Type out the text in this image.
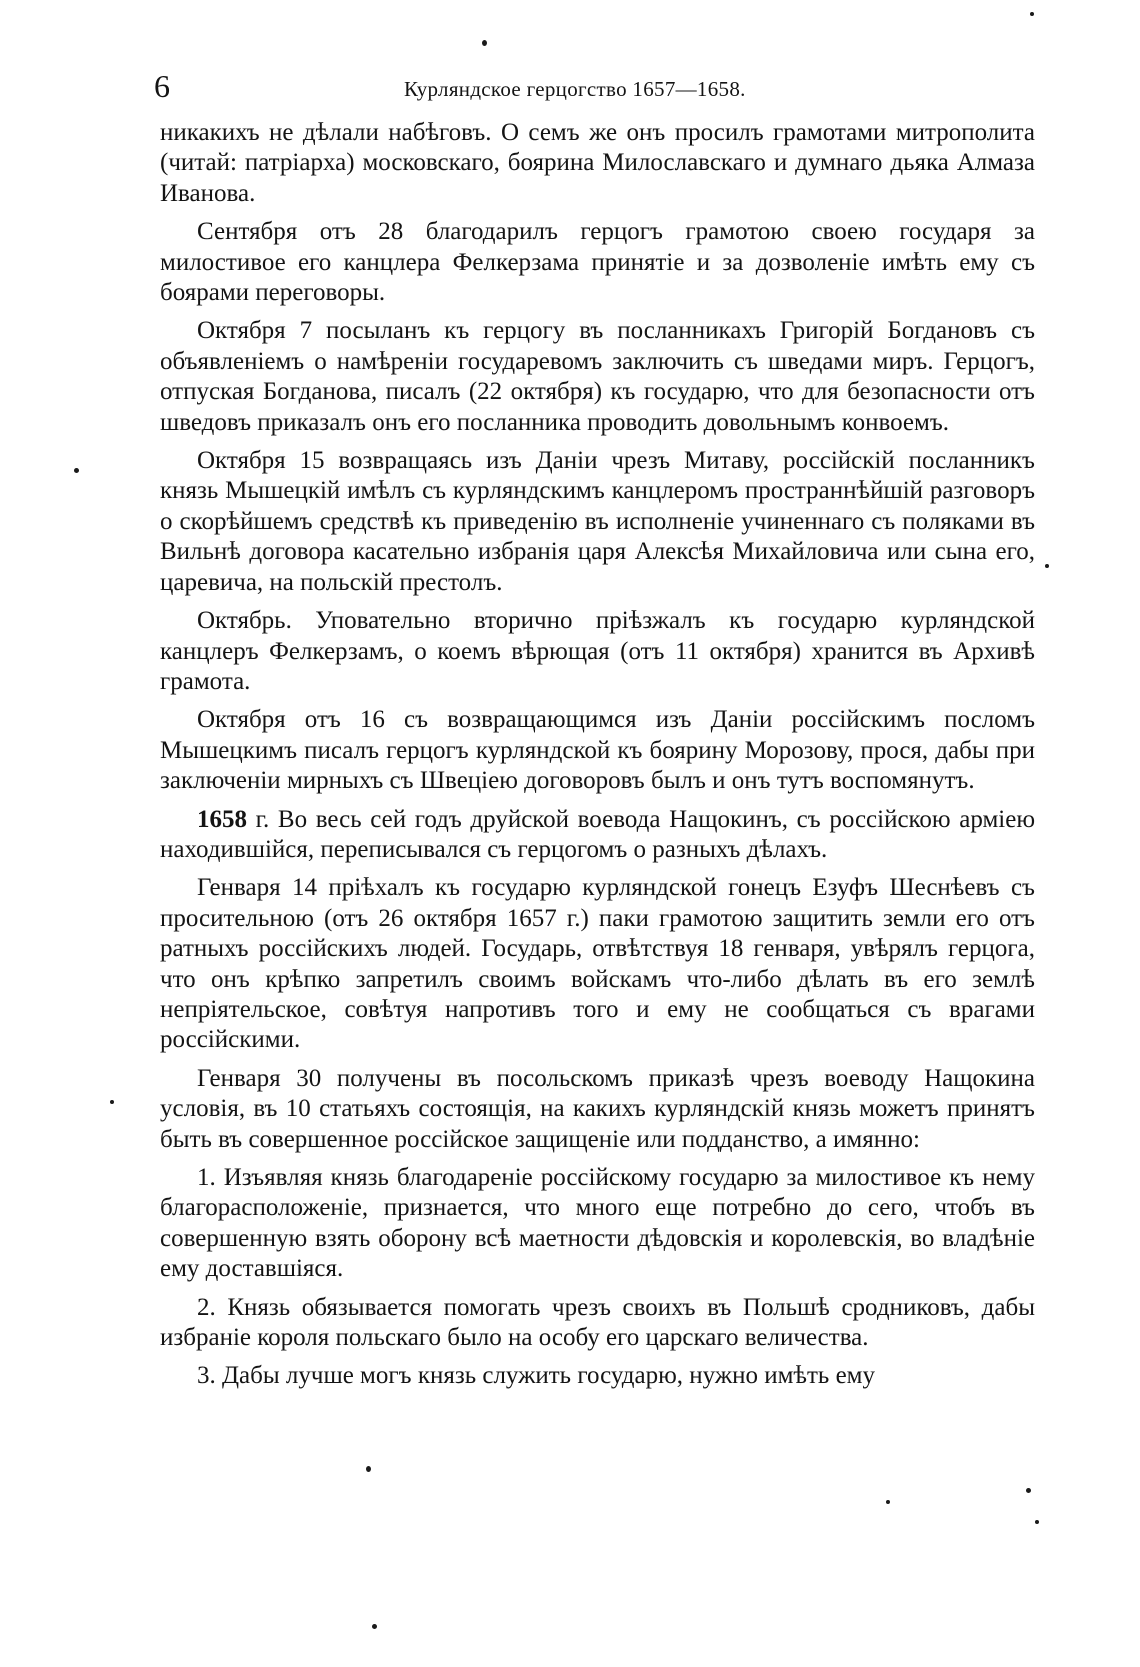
6	Курляндское герцогство 1657—1658.

никакихъ не дѣлали набѣговъ. О семъ же онъ просилъ грамотами митрополита (читай: патріарха) московскаго, боярина Милославскаго и думнаго дьяка Алмаза Иванова.

Сентября отъ 28 благодарилъ герцогъ грамотою своею государя за милостивое его канцлера Фелкерзама принятіе и за дозволеніе имѣть ему съ боярами переговоры.

Октября 7 посыланъ къ герцогу въ посланникахъ Григорій Богдановъ съ объявленіемъ о намѣреніи государевомъ заключить съ шведами миръ. Герцогъ, отпуская Богданова, писалъ (22 октября) къ государю, что для безопасности отъ шведовъ приказалъ онъ его посланника проводить довольнымъ конвоемъ.

Октября 15 возвращаясь изъ Даніи чрезъ Митаву, россійскій посланникъ князь Мышецкій имѣлъ съ курляндскимъ канцлеромъ пространнѣйшій разговоръ о скорѣйшемъ средствѣ къ приведенію въ исполненіе учиненнаго съ поляками въ Вильнѣ договора касательно избранія царя Алексѣя Михайловича или сына его, царевича, на польскій престолъ.

Октябрь. Уповательно вторично пріѣзжалъ къ государю курляндской канцлеръ Фелкерзамъ, о коемъ вѣрющая (отъ 11 октября) хранится въ Архивѣ грамота.

Октября отъ 16 съ возвращающимся изъ Даніи россійскимъ посломъ Мышецкимъ писалъ герцогъ курляндской къ боярину Морозову, прося, дабы при заключеніи мирныхъ съ Швеціею договоровъ былъ и онъ тутъ воспомянутъ.

1658 г. Во весь сей годъ друйской воевода Нащокинъ, съ россійскою арміею находившійся, переписывался съ герцогомъ о разныхъ дѣлахъ.

Генваря 14 пріѣхалъ къ государю курляндской гонецъ Езуфъ Шеснѣевъ съ просительною (отъ 26 октября 1657 г.) паки грамотою защитить земли его отъ ратныхъ россійскихъ людей. Государь, отвѣтствуя 18 генваря, увѣрялъ герцога, что онъ крѣпко запретилъ своимъ войскамъ что-либо дѣлать въ его землѣ непріятельское, совѣтуя напротивъ того и ему не сообщаться съ врагами россійскими.

Генваря 30 получены въ посольскомъ приказѣ чрезъ воеводу Нащокина условія, въ 10 статьяхъ состоящія, на какихъ курляндскій князь можетъ принятъ быть въ совершенное россійское защищеніе или подданство, а имянно:

1. Изъявляя князь благодареніе россійскому государю за милостивое къ нему благорасположеніе, признается, что много еще потребно до сего, чтобъ въ совершенную взять оборону всѣ маетности дѣдовскія и королевскія, во владѣніе ему доставшіяся.

2. Князь обязывается помогать чрезъ своихъ въ Польшѣ сродниковъ, дабы избраніе короля польскаго было на особу его царскаго величества.

3. Дабы лучше могъ князь служить государю, нужно имѣть ему
